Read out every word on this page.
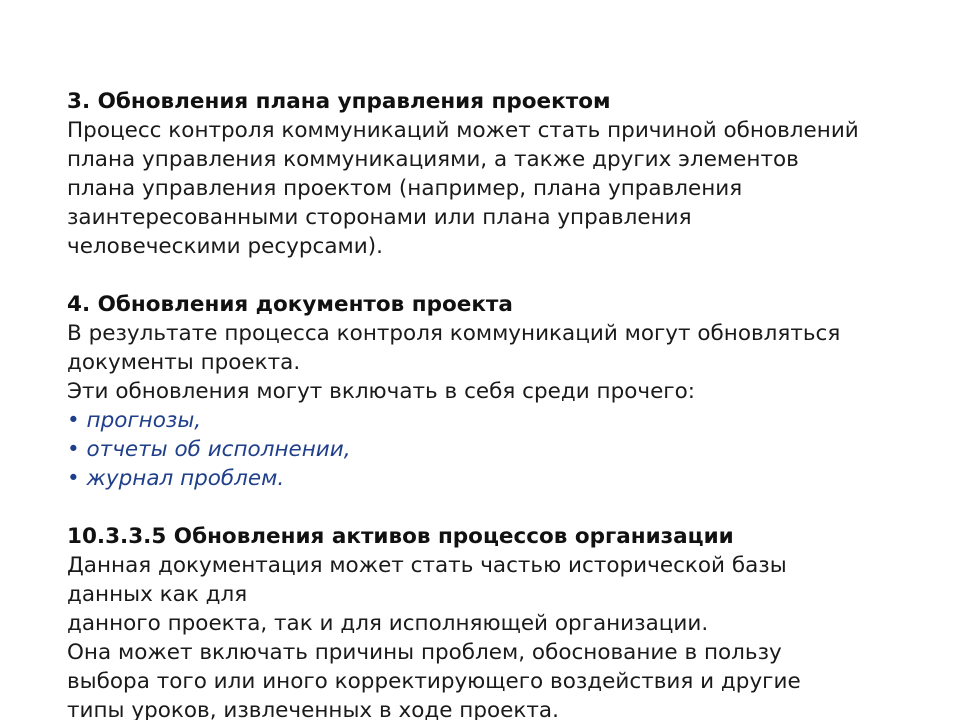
3. Обновления плана управления проектом
Процесс контроля коммуникаций может стать причиной обновлений
плана управления коммуникациями, а также других элементов
плана управления проектом (например, плана управления
заинтересованными сторонами или плана управления
человеческими ресурсами).
4. Обновления документов проекта
В результате процесса контроля коммуникаций могут обновляться
документы проекта.
Эти обновления могут включать в себя среди прочего:
• прогнозы,
• отчеты об исполнении,
• журнал проблем.
10.3.3.5 Обновления активов процессов организации
Данная документация может стать частью исторической базы
данных как для
данного проекта, так и для исполняющей организации.
Она может включать причины проблем, обоснование в пользу
выбора того или иного корректирующего воздействия и другие
типы уроков, извлеченных в ходе проекта.
